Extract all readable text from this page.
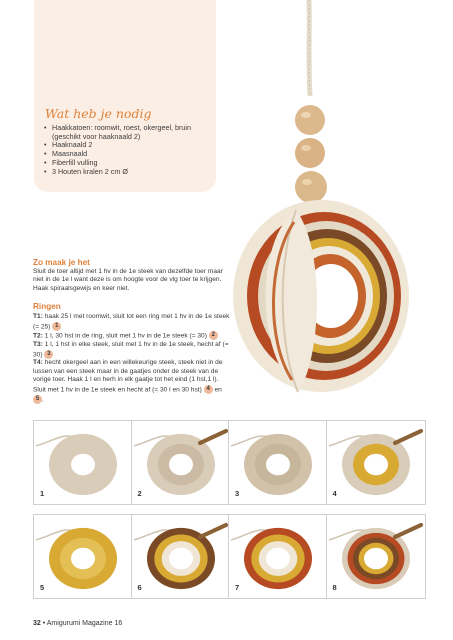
Wat heb je nodig
• Haakkatoen: roomwit, roest, okergeel, bruin (geschikt voor haaknaald 2)
• Haaknaald 2
• Maasnaald
• Fiberfill vulling
• 3 Houten kralen 2 cm Ø
Zo maak je het
Sluit de toer altijd met 1 hv in de 1e steek van dezelfde toer maar niet in de 1e l want deze is om hoogte voor de vlg toer te krijgen. Haak spiraalsgewijs en keer niet.
Ringen

T1: haak 25 l met roomwit, sluit tot een ring met 1 hv in de 1e steek (= 25) 1

T2: 1 l, 30 hst in de ring, sluit met 1 hv in de 1e steek (= 30) 2

T3: 1 l, 1 hst in elke steek, sluit met 1 hv in de 1e steek, hecht af (= 30) 3

T4: hecht okergeel aan in een willekeurige steek, steek niet in de lussen van een steek maar in de gaatjes onder de steek van de vorige toer. Haak 1 l en herh in elk gaatje tot het eind (1 hst,1 l). Sluit met 1 hv in de 1e steek en hecht af (= 30 l en 30 hst) 4 en 5 .

1	2	3	4
5	6	7	8
32 • Amigurumi Magazine 16
